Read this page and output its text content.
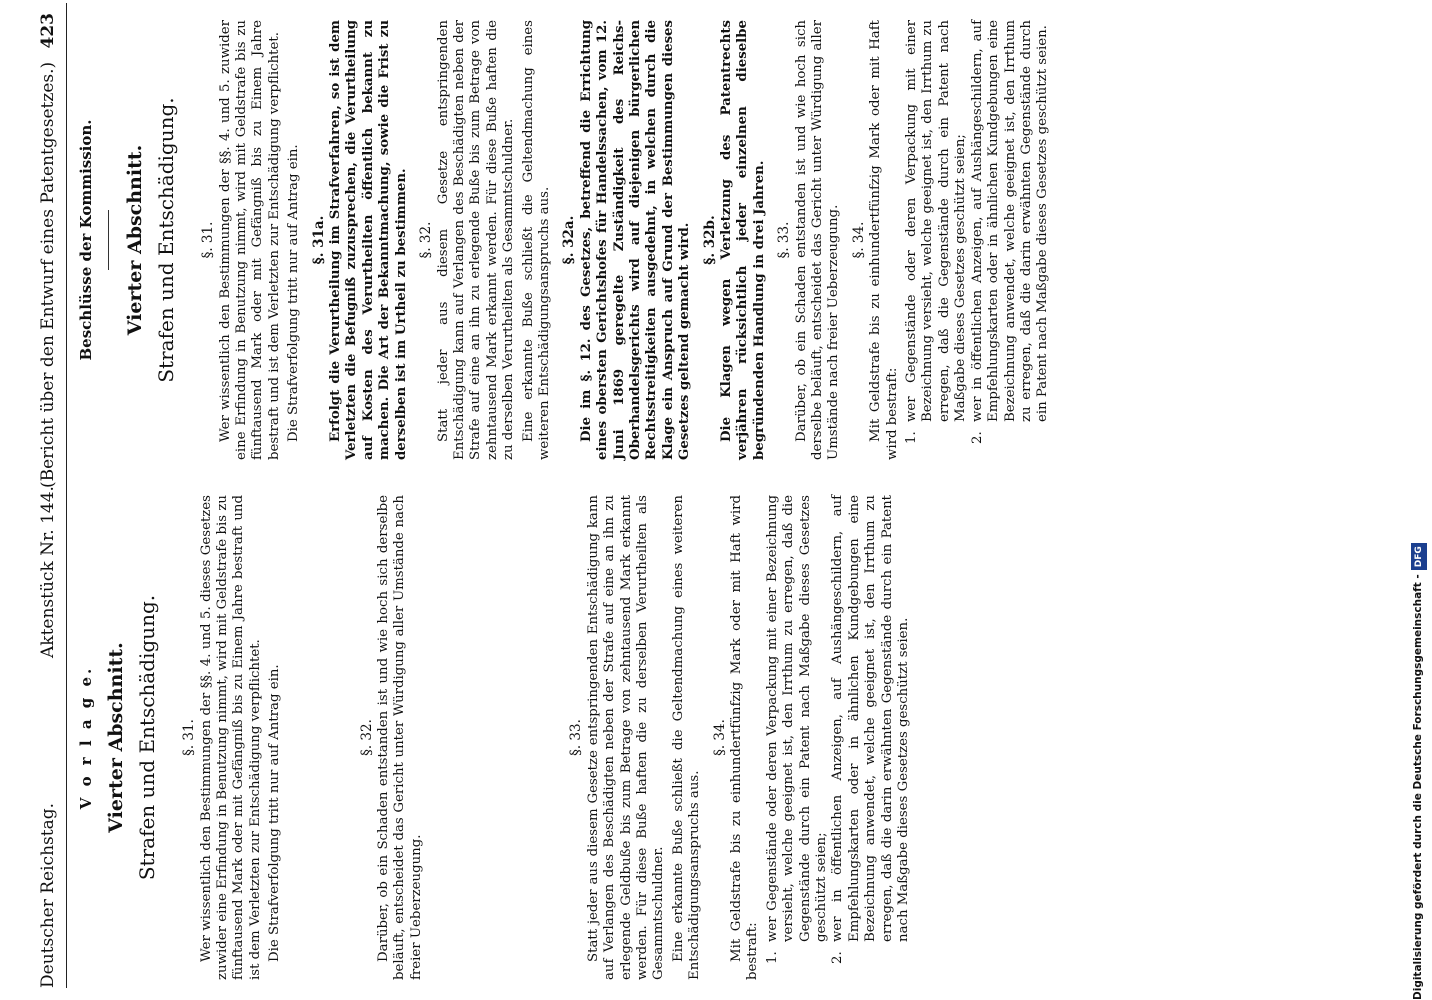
Deutscher Reichstag.
Aktenstück Nr. 144.
(Bericht über den Entwurf eines Patentgesetzes.)
423
V o r l a g e. Vierter Abschnitt. Strafen und Entschädigung. §. 31. Wer wissentlich den Bestimmungen der §§. 4. und 5. dieses Gesetzes zuwider eine Erfindung in Benutzung nimmt, wird mit Geldstrafe bis zu fünftausend Mark oder mit Gefängniß bis zu Einem Jahre bestraft und ist dem Verletzten zur Entschädigung verpflichtet. Die Strafverfolgung tritt nur auf Antrag ein.	§. 32. Darüber, ob ein Schaden entstanden ist und wie hoch sich derselbe beläuft, entscheidet das Gericht unter Würdigung aller Umstände nach freier Ueberzeugung.

§. 33. Statt jeder aus diesem Gesetze entspringenden Entschädigung kann auf Verlangen des Beschädigten neben der Strafe auf eine an ihn zu erlegende Geldbuße bis zum Betrage von zehntausend Mark erkannt werden. Für diese Buße haften die zu derselben Verurtheilten als Gesammtschuldner. Eine erkannte Buße schließt die Geltendmachung eines weiteren Entschädigungsanspruchs aus.

§. 34. Mit Geldstrafe bis zu einhundertfünfzig Mark oder mit Haft wird bestraft: 1.
wer Gegenstände oder deren Verpackung mit einer Bezeichnung versieht, welche geeignet ist, den Irrthum zu erregen, daß die Gegenstände durch ein Patent nach Maßgabe dieses Gesetzes geschützt seien;
2.
wer in öffentlichen Anzeigen, auf Aushängeschildern, auf Empfehlungskarten oder in ähnlichen Kundgebungen eine Bezeichnung anwendet, welche geeignet ist, den Irrthum zu erregen, daß die darin erwähnten Gegenstände durch ein Patent nach Maßgabe dieses Gesetzes geschützt seien.
Beschlüsse der Kommission. Vierter Abschnitt. Strafen und Entschädigung. §. 31. Wer wissentlich den Bestimmungen der §§. 4. und 5. zuwider eine Erfindung in Benutzung nimmt, wird mit Geldstrafe bis zu fünftausend Mark oder mit Gefängniß bis zu Einem Jahre bestraft und ist dem Verletzten zur Entschädigung verpflichtet. Die Strafverfolgung tritt nur auf Antrag ein. §. 31a. Erfolgt die Verurtheilung im Strafverfahren, so ist dem Verletzten die Befugniß zuzusprechen, die Verurtheilung auf Kosten des Verurtheilten öffentlich bekannt zu machen. Die Art der Bekanntmachung, sowie die Frist zu derselben ist im Urtheil zu bestimmen. §. 32. Statt jeder aus diesem Gesetze entspringenden Entschädigung kann auf Verlangen des Beschädigten neben der Strafe auf eine an ihn zu erlegende Buße bis zum Betrage von zehntausend Mark erkannt werden. Für diese Buße haften die zu derselben Verurtheilten als Gesammtschuldner. Eine erkannte Buße schließt die Geltendmachung eines weiteren Entschädigungsanspruchs aus. §. 32a. Die im §. 12. des Gesetzes, betreffend die Errichtung eines obersten Gerichtshofes für Handelssachen, vom 12. Juni 1869 geregelte Zuständigkeit des Reichs-Oberhandelsgerichts wird auf diejenigen bürgerlichen Rechtsstreitigkeiten ausgedehnt, in welchen durch die Klage ein Anspruch auf Grund der Bestimmungen dieses Gesetzes geltend gemacht wird. §. 32b. Die Klagen wegen Verletzung des Patentrechts verjähren rücksichtlich jeder einzelnen dieselbe begründenden Handlung in drei Jahren. §. 33. Darüber, ob ein Schaden entstanden ist und wie hoch sich derselbe beläuft, entscheidet das Gericht unter Würdigung aller Umstände nach freier Ueberzeugung. §. 34. Mit Geldstrafe bis zu einhundertfünfzig Mark oder mit Haft wird bestraft: 1.
wer Gegenstände oder deren Verpackung mit einer Bezeichnung versieht, welche geeignet ist, den Irrthum zu erregen, daß die Gegenstände durch ein Patent nach Maßgabe dieses Gesetzes geschützt seien;
2.
wer in öffentlichen Anzeigen, auf Aushängeschildern, auf Empfehlungskarten oder in ähnlichen Kundgebungen eine Bezeichnung anwendet, welche geeignet ist, den Irrthum zu erregen, daß die darin erwähnten Gegenstände durch ein Patent nach Maßgabe dieses Gesetzes geschützt seien.
Digitalisierung gefördert durch die Deutsche Forschungsgemeinschaft -DFG
